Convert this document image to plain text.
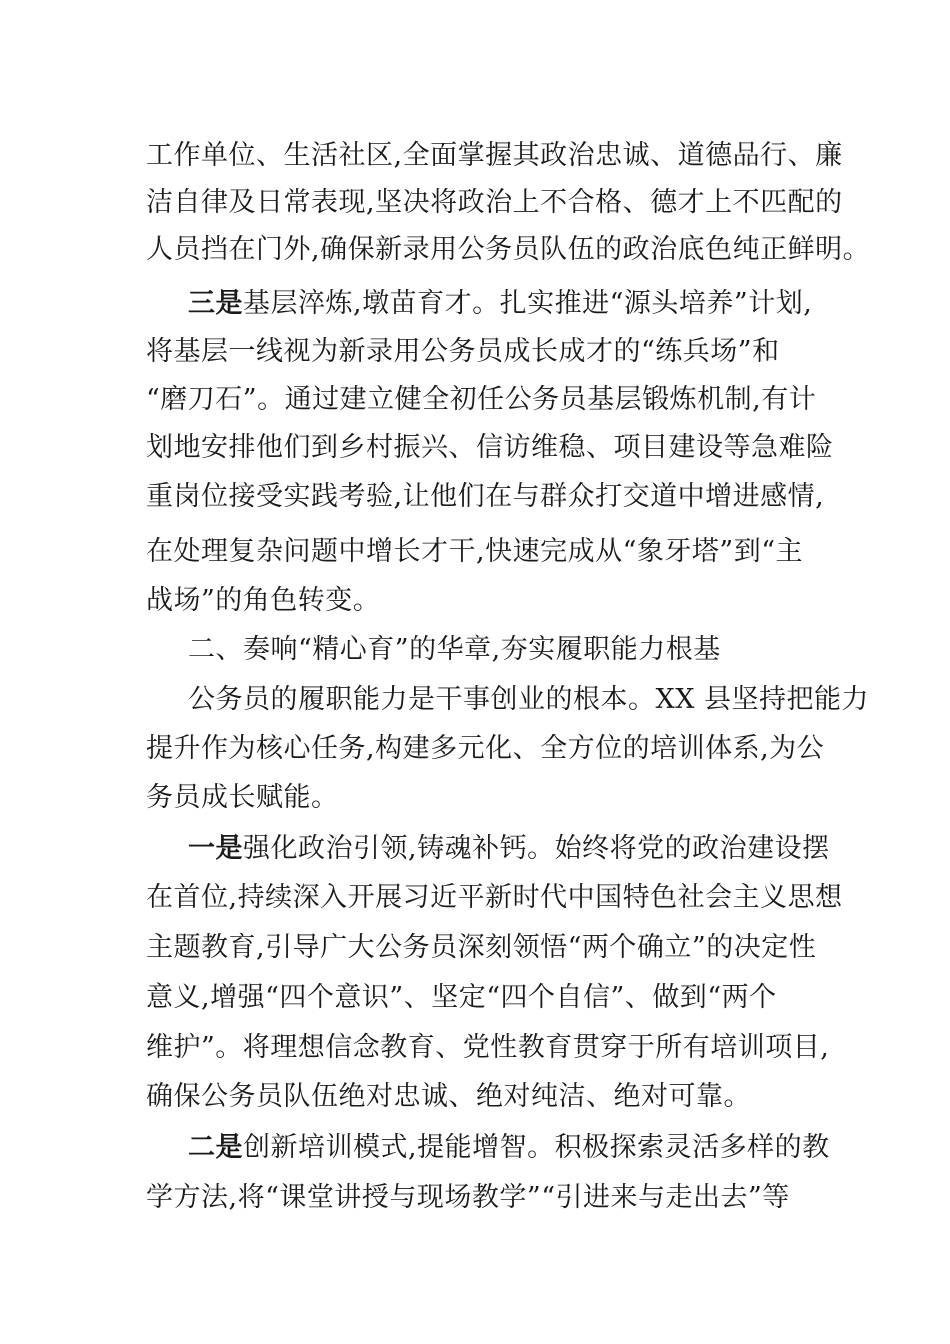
工作单位、生活社区,全面掌握其政治忠诚、道德品行、廉
洁自律及日常表现,坚决将政治上不合格、德才上不匹配的
人员挡在门外,确保新录用公务员队伍的政治底色纯正鲜明。
三是基层淬炼,墩苗育才。扎实推进“源头培养”计划,
将基层一线视为新录用公务员成长成才的“练兵场”和
“磨刀石”。通过建立健全初任公务员基层锻炼机制,有计
划地安排他们到乡村振兴、信访维稳、项目建设等急难险
重岗位接受实践考验,让他们在与群众打交道中增进感情,
在处理复杂问题中增长才干,快速完成从“象牙塔”到“主
战场”的角色转变。
二、奏响“精心育”的华章,夯实履职能力根基
公务员的履职能力是干事创业的根本。XX 县坚持把能力
提升作为核心任务,构建多元化、全方位的培训体系,为公
务员成长赋能。
一是强化政治引领,铸魂补钙。始终将党的政治建设摆
在首位,持续深入开展习近平新时代中国特色社会主义思想
主题教育,引导广大公务员深刻领悟“两个确立”的决定性
意义,增强“四个意识”、坚定“四个自信”、做到“两个
维护”。将理想信念教育、党性教育贯穿于所有培训项目,
确保公务员队伍绝对忠诚、绝对纯洁、绝对可靠。
二是创新培训模式,提能增智。积极探索灵活多样的教
学方法,将“课堂讲授与现场教学”“引进来与走出去”等
